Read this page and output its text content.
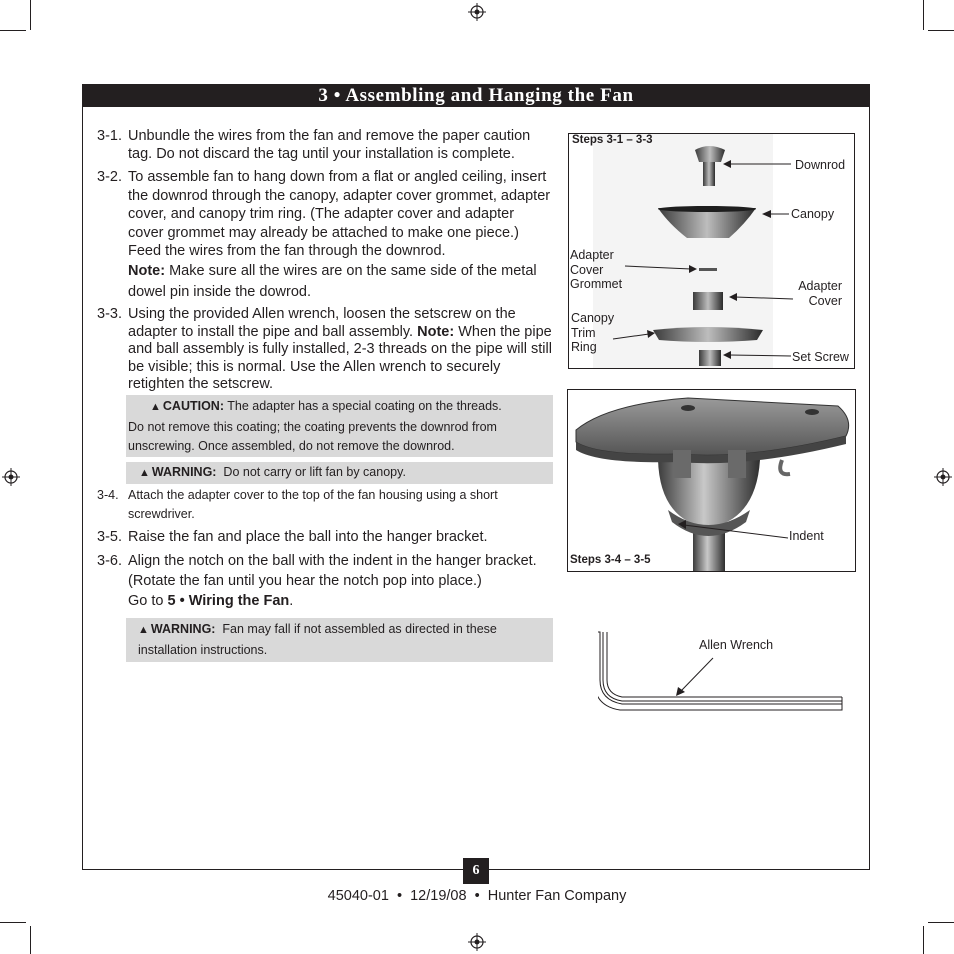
3 • Assembling and Hanging the Fan
3-1. Unbundle the wires from the fan and remove the paper caution tag. Do not discard the tag until your installation is complete.
3-2. To assemble fan to hang down from a flat or angled ceiling, insert the downrod through the canopy, adapter cover grommet, adapter cover, and canopy trim ring. (The adapter cover and adapter cover grommet may already be attached to make one piece.) Feed the wires from the fan through the downrod.
Note: Make sure all the wires are on the same side of the metal dowel pin inside the dowrod.
3-3. Using the provided Allen wrench, loosen the setscrew on the adapter to install the pipe and ball assembly. Note: When the pipe and ball assembly is fully installed, 2-3 threads on the pipe will still be visible; this is normal. Use the Allen wrench to securely retighten the setscrew.
▲ CAUTION: The adapter has a special coating on the threads.
Do not remove this coating; the coating prevents the downrod from
unscrewing. Once assembled, do not remove the downrod.
▲ WARNING: Do not carry or lift fan by canopy.
3-4. Attach the adapter cover to the top of the fan housing using a short screwdriver.
3-5. Raise the fan and place the ball into the hanger bracket.
3-6. Align the notch on the ball with the indent in the hanger bracket. (Rotate the fan until you hear the notch pop into place.)
Go to 5 • Wiring the Fan.
▲ WARNING: Fan may fall if not assembled as directed in these
installation instructions.
Steps 3-1 – 3-3
Downrod
Canopy
Adapter
Cover
Grommet	Adapter
Cover
Canopy
Trim
Ring
Set Screw
Steps 3-4 – 3-5
Indent
Allen Wrench
6
45040-01  •  12/19/08  •  Hunter Fan Company
